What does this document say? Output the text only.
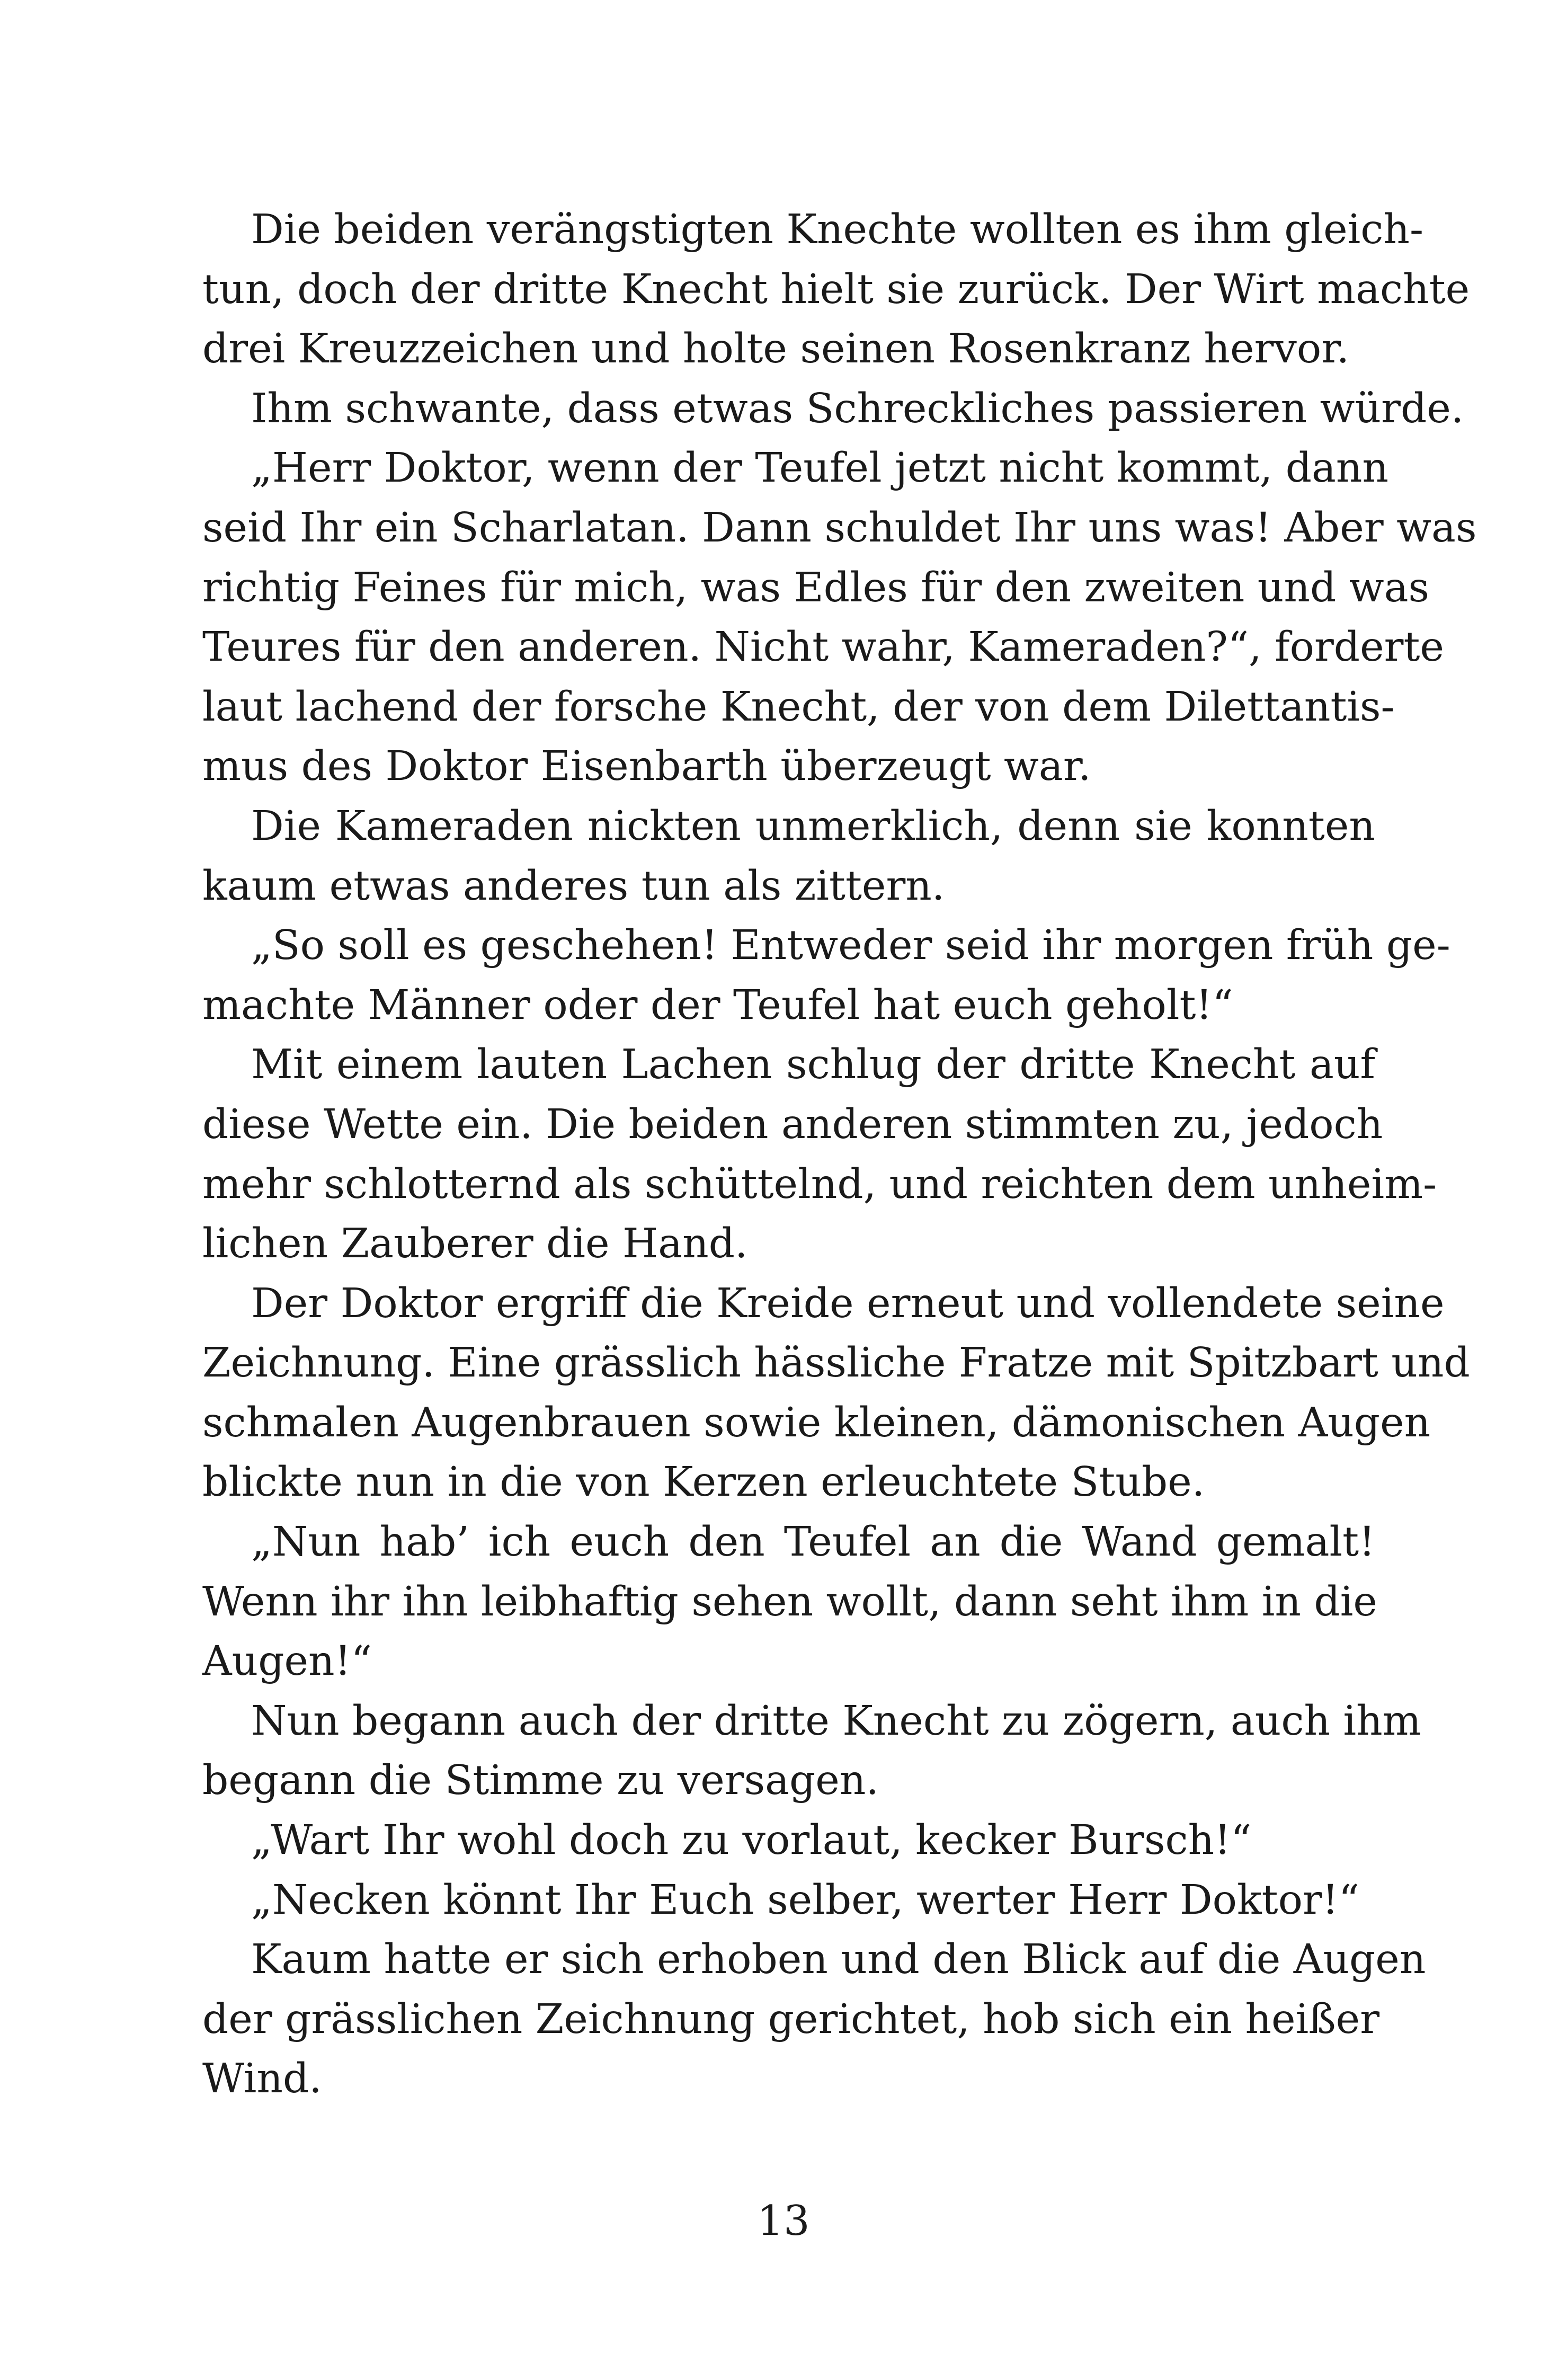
Die beiden verängstigten Knechte wollten es ihm gleich-
tun, doch der dritte Knecht hielt sie zurück. Der Wirt machte
drei Kreuzzeichen und holte seinen Rosenkranz hervor.
Ihm schwante, dass etwas Schreckliches passieren würde.
„Herr Doktor, wenn der Teufel jetzt nicht kommt, dann
seid Ihr ein Scharlatan. Dann schuldet Ihr uns was! Aber was
richtig Feines für mich, was Edles für den zweiten und was
Teures für den anderen. Nicht wahr, Kameraden?“, forderte
laut lachend der forsche Knecht, der von dem Dilettantis-
mus des Doktor Eisenbarth überzeugt war.
Die Kameraden nickten unmerklich, denn sie konnten
kaum etwas anderes tun als zittern.
„So soll es geschehen! Entweder seid ihr morgen früh ge-
machte Männer oder der Teufel hat euch geholt!“
Mit einem lauten Lachen schlug der dritte Knecht auf
diese Wette ein. Die beiden anderen stimmten zu, jedoch
mehr schlotternd als schüttelnd, und reichten dem unheim-
lichen Zauberer die Hand.
Der Doktor ergriff die Kreide erneut und vollendete seine
Zeichnung. Eine grässlich hässliche Fratze mit Spitzbart und
schmalen Augenbrauen sowie kleinen, dämonischen Augen
blickte nun in die von Kerzen erleuchtete Stube.
„Nun hab’ ich euch den Teufel an die Wand gemalt!
Wenn ihr ihn leibhaftig sehen wollt, dann seht ihm in die
Augen!“
Nun begann auch der dritte Knecht zu zögern, auch ihm
begann die Stimme zu versagen.
„Wart Ihr wohl doch zu vorlaut, kecker Bursch!“
„Necken könnt Ihr Euch selber, werter Herr Doktor!“
Kaum hatte er sich erhoben und den Blick auf die Augen
der grässlichen Zeichnung gerichtet, hob sich ein heißer
Wind.
13
